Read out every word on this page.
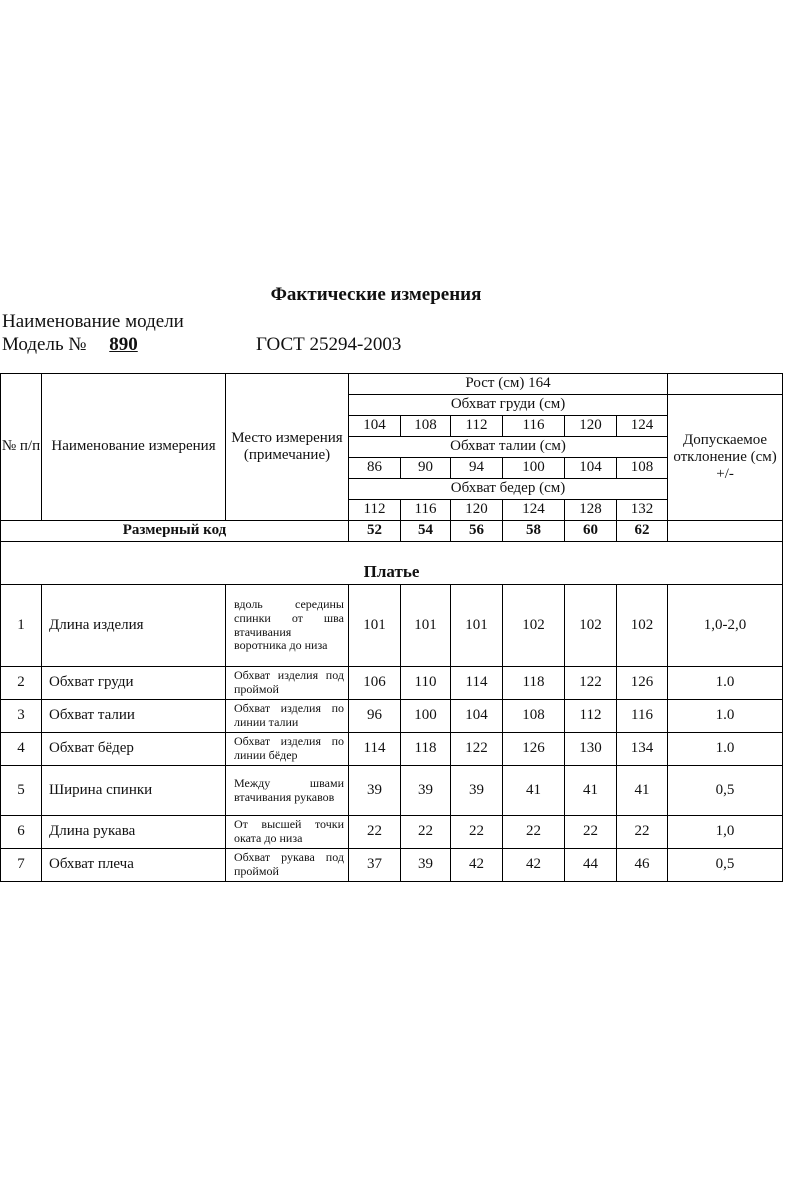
Фактические измерения
Наименование модели
Модель № 890	ГОСТ 25294-2003
№ п/п	Наименование измерения	Место измерения (примечание)	Рост (см) 164						
			Обхват груди (см)						Допускаемое отклонение (см) +/-
			104	108	112	116	120	124	
			Обхват талии (см)						
			86	90	94	100	104	108	
			Обхват бедер (см)						
			112	116	120	124	128	132	
Размерный код			52	54	56	58	60	62	
Платье									
1	Длина изделия	вдоль середины спинки от шва втачивания воротника до низа	101	101	101	102	102	102	1,0-2,0
2	Обхват груди	Обхват изделия под проймой	106	110	114	118	122	126	1.0
3	Обхват талии	Обхват изделия по линии талии	96	100	104	108	112	116	1.0
4	Обхват бёдер	Обхват изделия по линии бёдер	114	118	122	126	130	134	1.0
5	Ширина спинки	Между швами втачивания рукавов	39	39	39	41	41	41	0,5
6	Длина рукава	От высшей точки оката до низа	22	22	22	22	22	22	1,0
7	Обхват плеча	Обхват рукава под проймой	37	39	42	42	44	46	0,5
